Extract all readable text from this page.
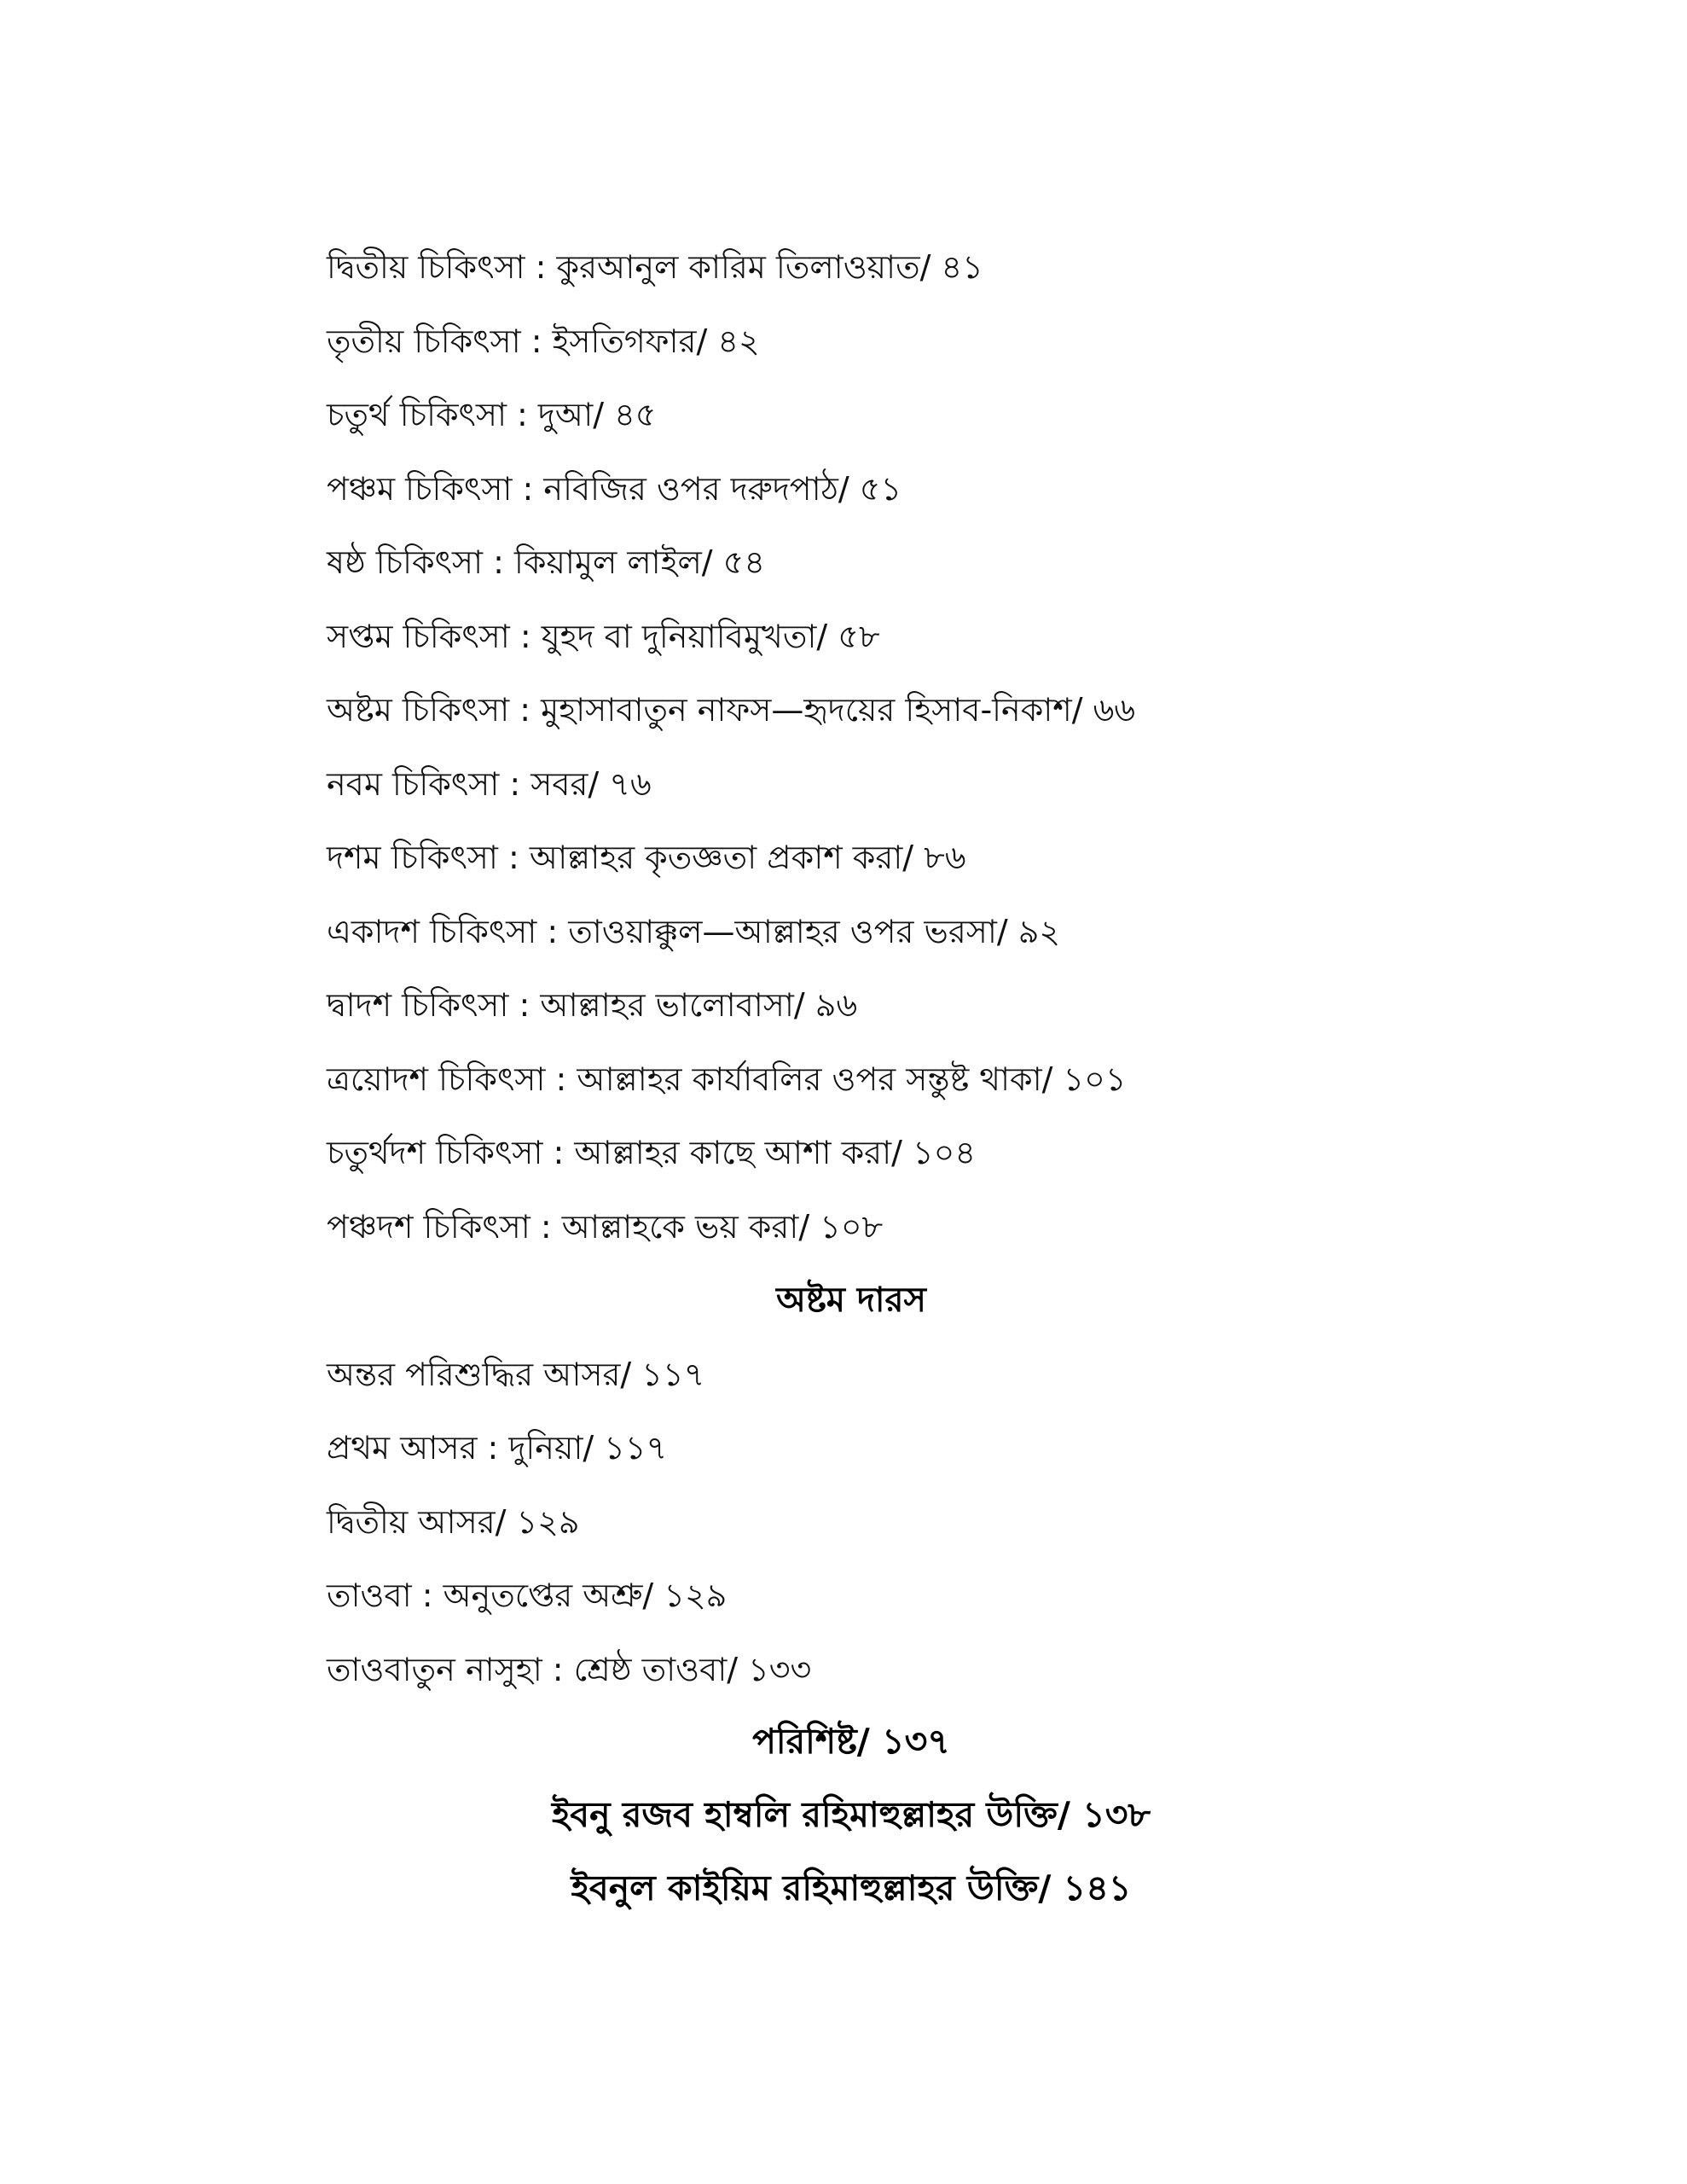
দ্বিতীয় চিকিৎসা : কুরআনুল কারিম তিলাওয়াত/ ৪১
তৃতীয় চিকিৎসা : ইসতিগফার/ ৪২
চতুর্থ চিকিৎসা : দুআ/ ৪৫
পঞ্চম চিকিৎসা : নবিজির ওপর দরুদপাঠ/ ৫১
ষষ্ঠ চিকিৎসা : কিয়ামুল লাইল/ ৫৪
সপ্তম চিকিৎসা : যুহদ বা দুনিয়াবিমুখতা/ ৫৮
অষ্টম চিকিৎসা : মুহাসাবাতুন নাফস—হৃদয়ের হিসাব-নিকাশ/ ৬৬
নবম চিকিৎসা : সবর/ ৭৬
দশম চিকিৎসা : আল্লাহর কৃতজ্ঞতা প্রকাশ করা/ ৮৬
একাদশ চিকিৎসা : তাওয়াক্কুল—আল্লাহর ওপর ভরসা/ ৯২
দ্বাদশ চিকিৎসা : আল্লাহর ভালোবাসা/ ৯৬
ত্রয়োদশ চিকিৎসা : আল্লাহর কার্যাবলির ওপর সন্তুষ্ট থাকা/ ১০১
চতুর্থদশ চিকিৎসা : আল্লাহর কাছে আশা করা/ ১০৪
পঞ্চদশ চিকিৎসা : আল্লাহকে ভয় করা/ ১০৮
অষ্টম দারস
অন্তর পরিশুদ্ধির আসর/ ১১৭
প্রথম আসর : দুনিয়া/ ১১৭
দ্বিতীয় আসর/ ১২৯
তাওবা : অনুতপ্তের অশ্রু/ ১২৯
তাওবাতুন নাসুহা : শ্রেষ্ঠ তাওবা/ ১৩৩
পরিশিষ্ট/ ১৩৭
ইবনু রজব হাম্বলি রহিমাহুল্লাহর উক্তি/ ১৩৮
ইবনুল কাইয়িম রহিমাহুল্লাহর উক্তি/ ১৪১
